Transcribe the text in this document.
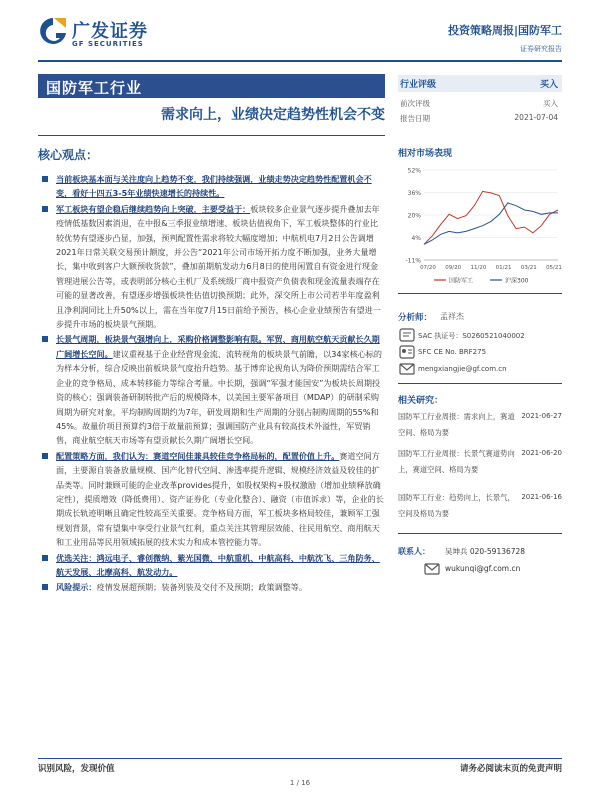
广发证券
GF SECURITIES
投资策略周报|国防军工
证券研究报告
国防军工行业
需求向上，业绩决定趋势性机会不变
核心观点：

当前板块基本面与关注度向上趋势不变，我们持续强调，业绩走势决定趋势性配置机会不变，看好十四五3-5年业绩快速增长的持续性。

军工板块有望企稳后继续趋势向上突破，主要受益于：板块较多企业景气逐步提升叠加去年疫情低基数因素消退，在中报&三季报业绩增速、板块估值视角下，军工板块整体的行业比较优势有望逐步凸显，加强，预判配置性需求将较大幅度增加；中航机电7月2日公告调增2021年日常关联交易预计额度，并公告“2021年公司市场开拓力度不断加强，业务大量增长，集中收到客户大额预收货款”，叠加前期航发动力6月8日的使用闲置自有资金进行现金管理进展公告等，或表明部分核心主机厂及系统级厂商中报资产负债表和现金流量表端存在可能的显著改善，有望逐步增强板块性估值切换预期；此外，深交所上市公司若半年度盈利且净利润同比上升50%以上，需在当年度7月15日前给予预告，核心企业业绩预告有望进一步提升市场的板块景气预期。

长景气周期，板块景气强增向上，采购价格调整影响有限。军贸、商用航空航天贡献长久期广阔增长空间。建议重视基于企业经营现金流、流转视角的板块景气前瞻，以34家核心标的为样本分析，综合反映出前板块景气度抬升趋势。基于博弈论视角认为降价预期需结合军工企业的竞争格局、成本转移能力等综合考量。中长期，强调“军强才能国安”为板块长周期投资的核心；强调装备研制转批产后的规模降本，以美国主要军备项目（MDAP）的研制采购周期为研究对象，平均制购周期约为7年，研发周期和生产周期的分别占制购周期的55%和45%。故量价项目预算约3倍于故量前预算；强调国防产业具有较高技术外溢性，军贸销售，商业航空航天市场等有望贡献长久期广阔增长空间。

配置策略方面，我们认为：赛道空间佳兼具较佳竞争格局标的，配置价值上升。赛道空间方面，主要源自装备放量规模、国产化替代空间、渗透率提升逻辑、规模经济效益及较佳的扩品类等。同时兼顾可能的企业改革provides提升，如股权架构+股权激励（增加业绩释放确定性），提质增效（降低费用）、资产证券化（专业化整合）、融资（市值诉求）等，企业的长期成长轨迹明晰且确定性较高至关重要。竞争格局方面，军工板块多格局较佳，兼顾军工强规划背景，常有望集中享受行业景气红利，重点关注其管理层效能、往民用航空、商用航天和工业用品等民用领域拓展的技术实力和成本管控能力等。

优选关注：鸿远电子、睿创微纳、紫光国微、中航重机、中航高科、中航沈飞、三角防务、航天发展、北摩高科、航发动力。

风险提示：疫情发展超预期；装备列装及交付不及预期；政策调整等。

行业评级	买入
前次评级	买入
报告日期	2021-07-04
相对市场表现
-11%
4%
20%
36%
52%
07/20 09/20 11/20 01/21 03/21 05/21
国防军工	沪深300
分析师： 孟祥杰
SAC 执证号：S0260521040002
SFC CE No. BRF275
mengxiangjie@gf.com.cn
相关研究：
国防军工行业周报：需求向上，赛道空间、格局为要
2021-06-27
国防军工行业周报：长景气赛道势向上，赛道空间、格局为要
2021-06-20
国防军工行业：趋势向上，长景气，空间及格局为要
2021-06-16
联系人： 吴坤兵 020-59136728
wukunqi@gf.com.cn
识别风险，发现价值	请务必阅读末页的免责声明
1 / 16
